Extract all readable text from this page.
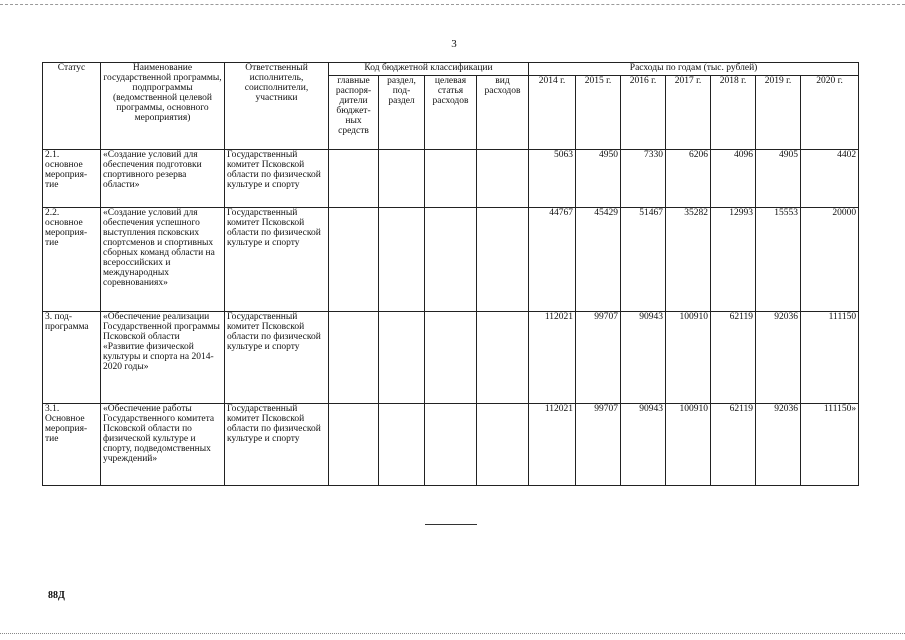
3
Статус	Наименование государственной программы, подпрограммы (ведомственной целевой программы, основного мероприятия)	Ответственный исполнитель, соисполнители, участники	Код бюджетной классификации				Расходы по годам (тыс. рублей)						
			главные распоря-дители бюджет-ных средств	раздел, под-раздел	целевая статья расходов	вид расходов	2014 г.	2015 г.	2016 г.	2017 г.	2018 г.	2019 г.	2020 г.
2.1. основное мероприя-тие	«Создание условий для обеспечения подготовки спортивного резерва области»	Государственный комитет Псковской области по физической культуре и спорту					5063	4950	7330	6206	4096	4905	4402
2.2. основное мероприя-тие	«Создание условий для обеспечения успешного выступления псковских спортсменов и спортивных сборных команд области на всероссийских и международных соревнованиях»	Государственный комитет Псковской области по физической культуре и спорту					44767	45429	51467	35282	12993	15553	20000
3. под-программа	«Обеспечение реализации Государственной программы Псковской области «Развитие физической культуры и спорта на 2014-2020 годы»	Государственный комитет Псковской области по физической культуре и спорту					112021	99707	90943	100910	62119	92036	111150
3.1. Основное мероприя-тие	«Обеспечение работы Государственного комитета Псковской области по физической культуре и спорту, подведомственных учреждений»	Государственный комитет Псковской области по физической культуре и спорту					112021	99707	90943	100910	62119	92036	111150»
88Д
